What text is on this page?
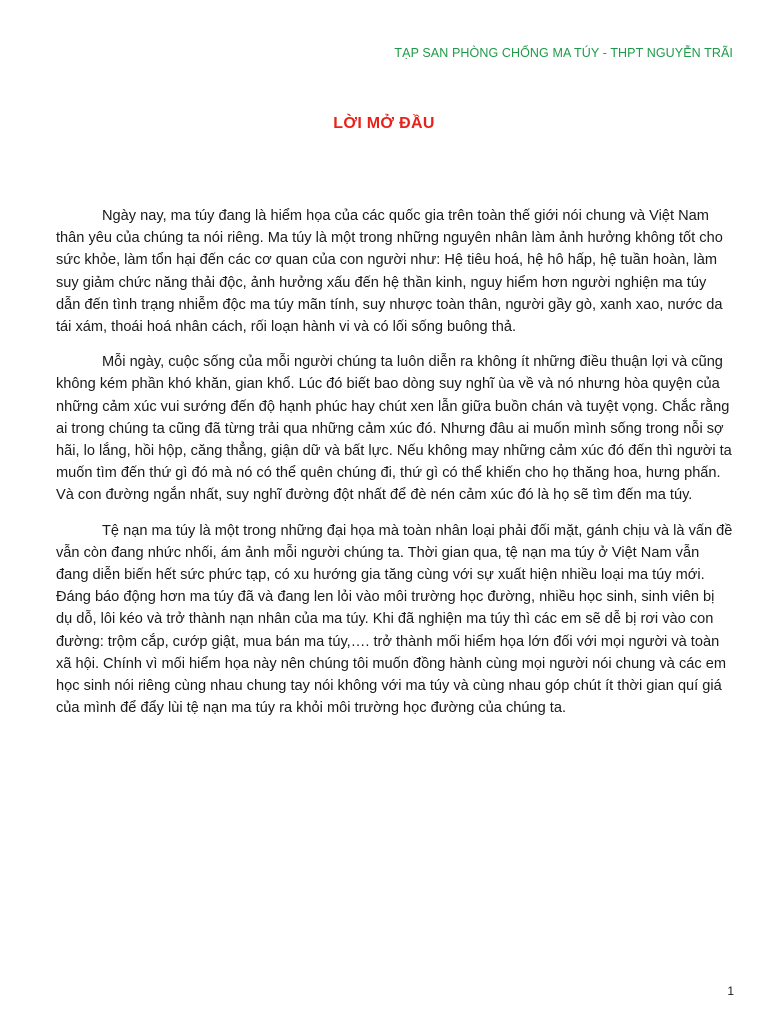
TẠP SAN PHÒNG CHỐNG MA TÚY - THPT NGUYỄN TRÃI
LỜI MỞ ĐẦU

Ngày nay, ma túy đang là hiểm họa của các quốc gia trên toàn thế giới nói chung và Việt Nam thân yêu của chúng ta nói riêng. Ma túy là một trong những nguyên nhân làm ảnh hưởng không tốt cho sức khỏe, làm tổn hại đến các cơ quan của con người như: Hệ tiêu hoá, hệ hô hấp, hệ tuần hoàn, làm suy giảm chức năng thải độc, ảnh hưởng xấu đến hệ thần kinh, nguy hiểm hơn người nghiện ma túy dẫn đến tình trạng nhiễm độc ma túy mãn tính, suy nhược toàn thân, người gầy gò, xanh xao, nước da tái xám, thoái hoá nhân cách, rối loạn hành vi và có lối sống buông thả.

Mỗi ngày, cuộc sống của mỗi người chúng ta luôn diễn ra không ít những điều thuận lợi và cũng không kém phần khó khăn, gian khổ. Lúc đó biết bao dòng suy nghĩ ùa về và nó nhưng hòa quyện của những cảm xúc vui sướng đến độ hạnh phúc hay chút xen lẫn giữa buồn chán và tuyệt vọng. Chắc rằng ai trong chúng ta cũng đã từng trải qua những cảm xúc đó. Nhưng đâu ai muốn mình sống trong nỗi sợ hãi, lo lắng, hồi hộp, căng thẳng, giận dữ và bất lực. Nếu không may những cảm xúc đó đến thì người ta muốn tìm đến thứ gì đó mà nó có thể quên chúng đi, thứ gì có thể khiến cho họ thăng hoa, hưng phấn. Và con đường ngắn nhất, suy nghĩ đường đột nhất để đè nén cảm xúc đó là họ sẽ tìm đến ma túy.

Tệ nạn ma túy là một trong những đại họa mà toàn nhân loại phải đối mặt, gánh chịu và là vấn đề vẫn còn đang nhức nhối, ám ảnh mỗi người chúng ta. Thời gian qua, tệ nạn ma túy ở Việt Nam vẫn đang diễn biến hết sức phức tạp, có xu hướng gia tăng cùng với sự xuất hiện nhiều loại ma túy mới. Đáng báo động hơn ma túy đã và đang len lỏi vào môi trường học đường, nhiều học sinh, sinh viên bị dụ dỗ, lôi kéo và trở thành nạn nhân của ma túy. Khi đã nghiện ma túy thì các em sẽ dễ bị rơi vào con đường: trộm cắp, cướp giật, mua bán ma túy,…. trở thành mối hiểm họa lớn đối với mọi người và toàn xã hội. Chính vì mối hiểm họa này nên chúng tôi muốn đồng hành cùng mọi người nói chung và các em học sinh nói riêng cùng nhau chung tay nói không với ma túy và cùng nhau góp chút ít thời gian quí giá của mình để đẩy lùi tệ nạn ma túy ra khỏi môi trường học đường của chúng ta.

1
